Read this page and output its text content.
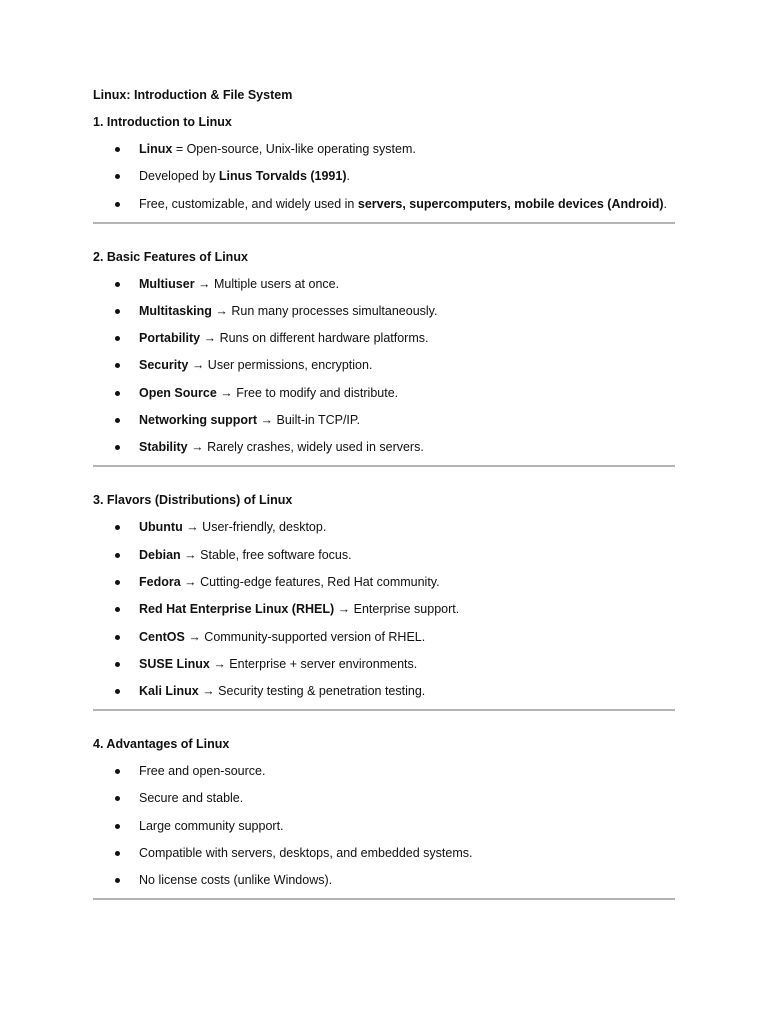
Linux: Introduction & File System
1. Introduction to Linux
Linux = Open-source, Unix-like operating system.
Developed by Linus Torvalds (1991).
Free, customizable, and widely used in servers, supercomputers, mobile devices (Android).
2. Basic Features of Linux
Multiuser → Multiple users at once.
Multitasking → Run many processes simultaneously.
Portability → Runs on different hardware platforms.
Security → User permissions, encryption.
Open Source → Free to modify and distribute.
Networking support → Built-in TCP/IP.
Stability → Rarely crashes, widely used in servers.
3. Flavors (Distributions) of Linux
Ubuntu → User-friendly, desktop.
Debian → Stable, free software focus.
Fedora → Cutting-edge features, Red Hat community.
Red Hat Enterprise Linux (RHEL) → Enterprise support.
CentOS → Community-supported version of RHEL.
SUSE Linux → Enterprise + server environments.
Kali Linux → Security testing & penetration testing.
4. Advantages of Linux
Free and open-source.
Secure and stable.
Large community support.
Compatible with servers, desktops, and embedded systems.
No license costs (unlike Windows).
